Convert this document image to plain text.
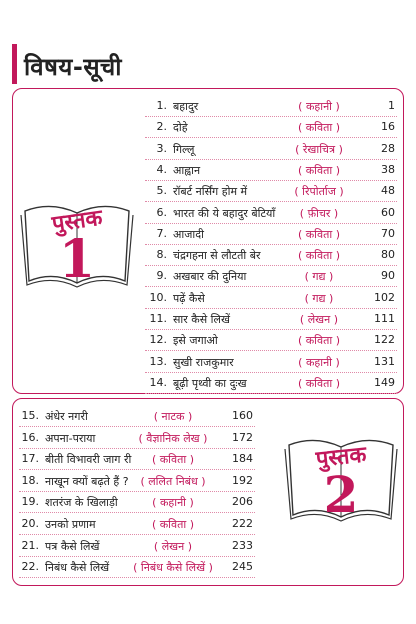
विषय-सूची
1. बहादुर	( कहानी )	1
2. दोहे	( कविता )	16
3. गिल्लू	( रेखाचित्र )	28
4. आह्वान	( कविता )	38
5. रॉबर्ट नर्सिंग होम में	( रिपोर्ताज )	48
6. भारत की ये बहादुर बेटियाँ	( फ़ीचर )	60
7. आजादी	( कविता )	70
8. चंद्रगहना से लौटती बेर	( कविता )	80
9. अखबार की दुनिया	( गद्य )	90
10. पढ़ें कैसे	( गद्य )	102
11. सार कैसे लिखें	( लेखन )	111
12. इसे जगाओ	( कविता )	122
13. सुखी राजकुमार	( कहानी )	131
14. बूढ़ी पृथ्वी का दुःख	( कविता )	149
पुस्तक
1
15. अंधेर नगरी	( नाटक )	160
16. अपना-पराया	( वैज्ञानिक लेख )	172
17. बीती विभावरी जाग री	( कविता )	184
18. नाखून क्यों बढ़ते हैं ?	( ललित निबंध )	192
19. शतरंज के खिलाड़ी	( कहानी )	206
20. उनको प्रणाम	( कविता )	222
21. पत्र कैसे लिखें	( लेखन )	233
22. निबंध कैसे लिखें	( निबंध कैसे लिखें )	245
पुस्तक
2
